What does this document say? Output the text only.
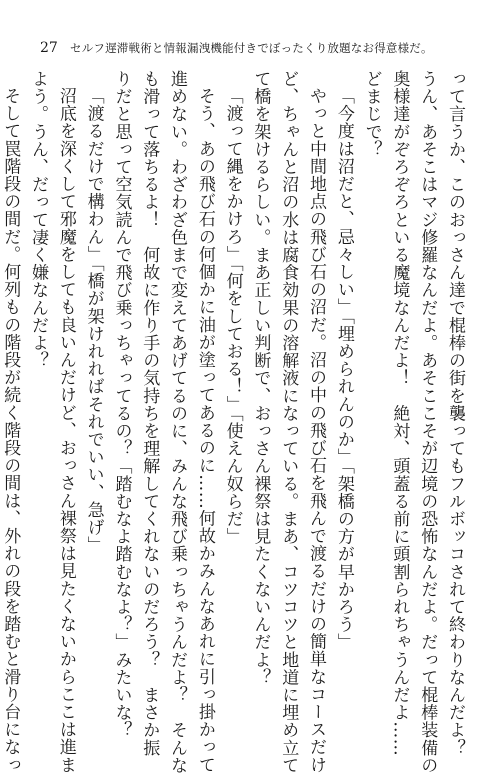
27 セルフ遅滞戦術と情報漏洩機能付きでぼったくり放題なお得意様だ。
って言うか、このおっさん達で棍棒の街を襲ってもフルボッコされて終わりなんだよ？
うん、あそこはマジ修羅なんだよ。あそここそが辺境の恐怖なんだよ。だって棍棒装備の
奥様達がぞろぞろといる魔境なんだよ！　絶対、頭蓋る前に頭割られちゃうんだよ……
どまじで？
「今度は沼だと、忌々しい」「埋められんのか」「架橋の方が早かろう」
やっと中間地点の飛び石の沼だ。沼の中の飛び石を飛んで渡るだけの簡単なコースだけ
ど、ちゃんと沼の水は腐食効果の溶解液になっている。まあ、コツコツと地道に埋め立て
て橋を架けるらしい。まあ正しい判断で、おっさん裸祭は見たくないんだよ？
「渡って縄をかけろ」「何をしておる！」「使えん奴らだ」
そう、あの飛び石の何個かに油が塗ってあるのに……何故かみんなあれに引っ掛かって
進めない。わざわざ色まで変えてあげてるのに、みんな飛び乗っちゃうんだよ？　そんな
も滑って落ちるよ！　何故に作り手の気持ちを理解してくれないのだろう？　まさか振
りだと思って空気読んで飛び乗っちゃってるの？「踏むなよ踏むなよ？」みたいな？
「渡るだけで構わん」「橋が架けれればそれでいい、急げ」
沼底を深くして邪魔をしても良いんだけど、おっさん裸祭は見たくないからここは進ま
よう。うん、だって凄く嫌なんだよ？
そして罠階段の間だ。何列もの階段が続く階段の間は、外れの段を踏むと滑り台になっ
